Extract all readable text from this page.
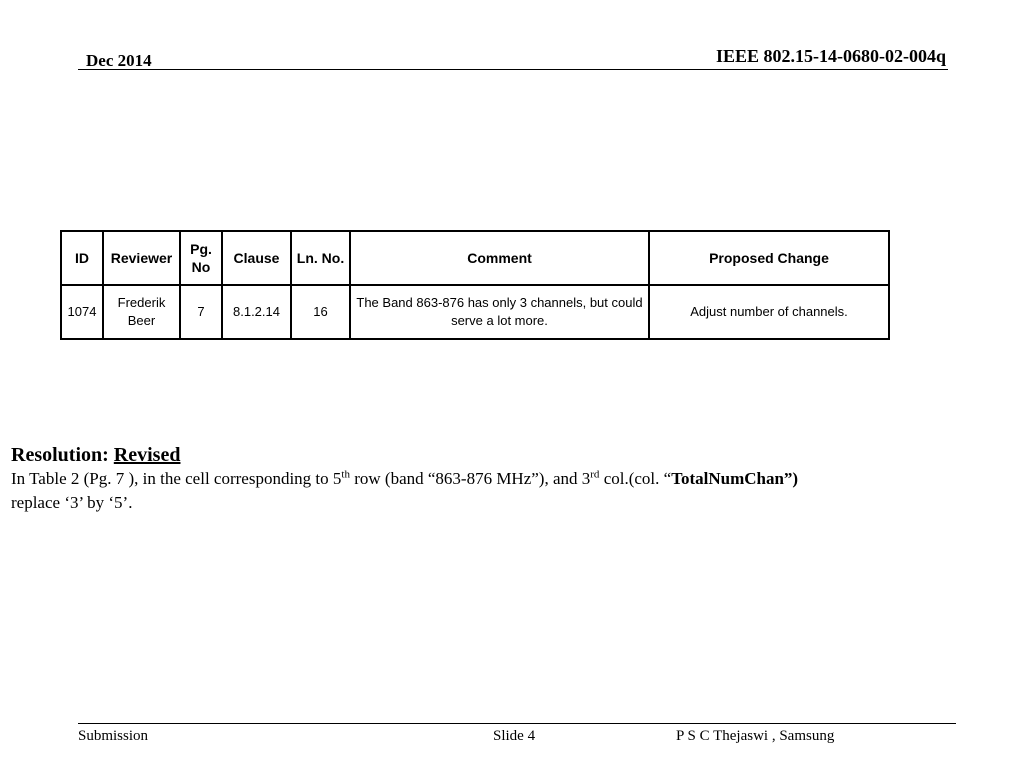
Dec 2014	IEEE 802.15-14-0680-02-004q
ID	Reviewer	Pg. No	Clause	Ln. No.	Comment	Proposed Change
1074	Frederik Beer	7	8.1.2.14	16	The Band 863-876 has only 3 channels, but could serve a lot more.	Adjust number of channels.
Resolution: Revised
In Table 2 (Pg. 7 ), in the cell corresponding to 5th row (band “863-876 MHz”), and 3rd col.(col. “TotalNumChan”)
replace ‘3’ by ‘5’.
Submission	Slide 4	P S C Thejaswi , Samsung
